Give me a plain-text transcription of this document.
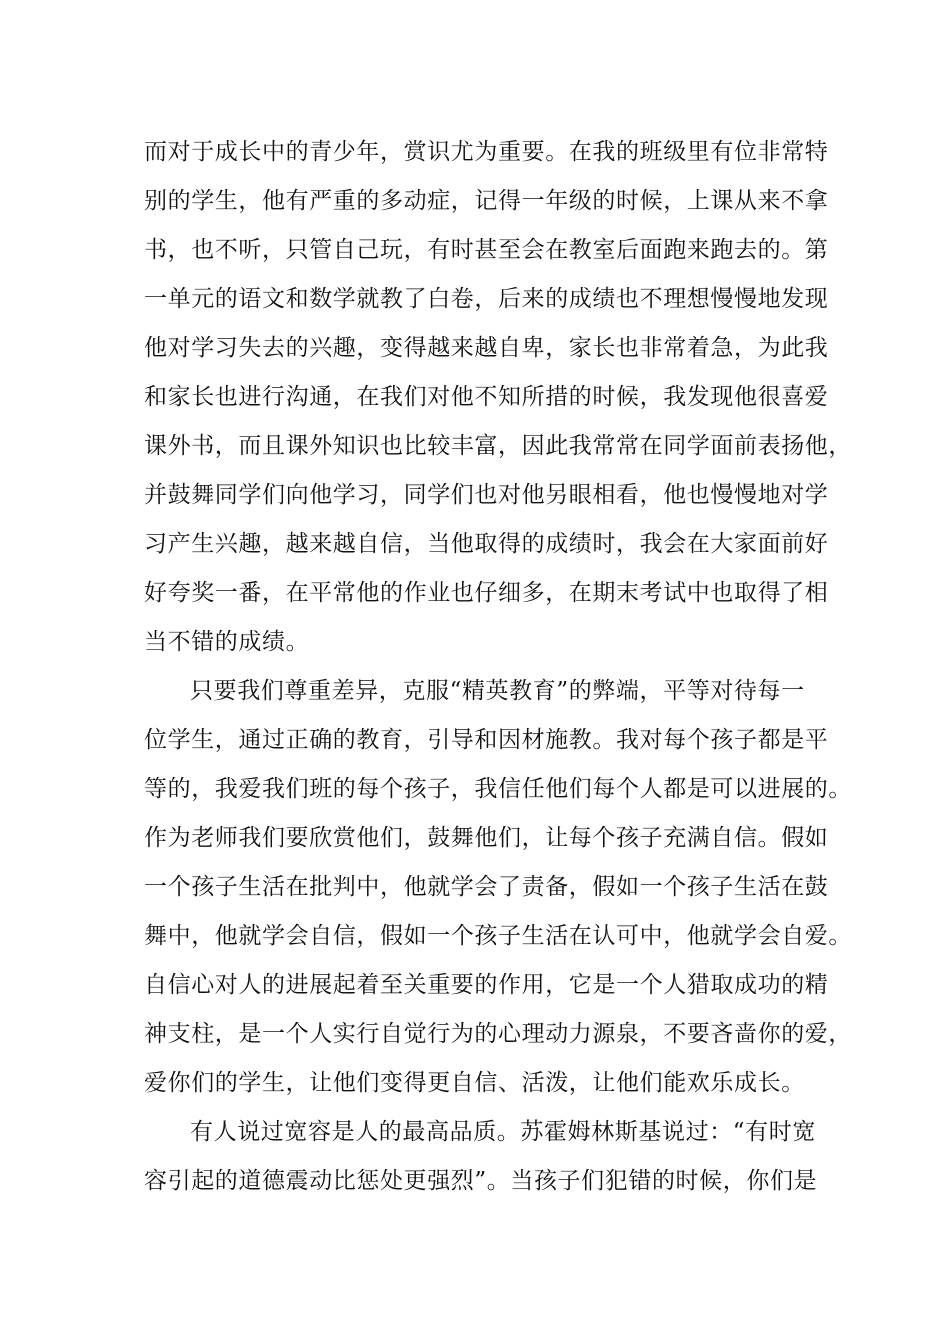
而对于成长中的青少年，赏识尤为重要。在我的班级里有位非常特
别的学生，他有严重的多动症，记得一年级的时候，上课从来不拿
书，也不听，只管自己玩，有时甚至会在教室后面跑来跑去的。第
一单元的语文和数学就教了白卷，后来的成绩也不理想慢慢地发现
他对学习失去的兴趣，变得越来越自卑，家长也非常着急，为此我
和家长也进行沟通，在我们对他不知所措的时候，我发现他很喜爱
课外书，而且课外知识也比较丰富，因此我常常在同学面前表扬他，
并鼓舞同学们向他学习，同学们也对他另眼相看，他也慢慢地对学
习产生兴趣，越来越自信，当他取得的成绩时，我会在大家面前好
好夸奖一番，在平常他的作业也仔细多，在期末考试中也取得了相
当不错的成绩。
只要我们尊重差异，克服“精英教育”的弊端，平等对待每一
位学生，通过正确的教育，引导和因材施教。我对每个孩子都是平
等的，我爱我们班的每个孩子，我信任他们每个人都是可以进展的。
作为老师我们要欣赏他们，鼓舞他们，让每个孩子充满自信。假如
一个孩子生活在批判中，他就学会了责备，假如一个孩子生活在鼓
舞中，他就学会自信，假如一个孩子生活在认可中，他就学会自爱。
自信心对人的进展起着至关重要的作用，它是一个人猎取成功的精
神支柱，是一个人实行自觉行为的心理动力源泉，不要吝啬你的爱，
爱你们的学生，让他们变得更自信、活泼，让他们能欢乐成长。
有人说过宽容是人的最高品质。苏霍姆林斯基说过：“有时宽
容引起的道德震动比惩处更强烈”。当孩子们犯错的时候，你们是
